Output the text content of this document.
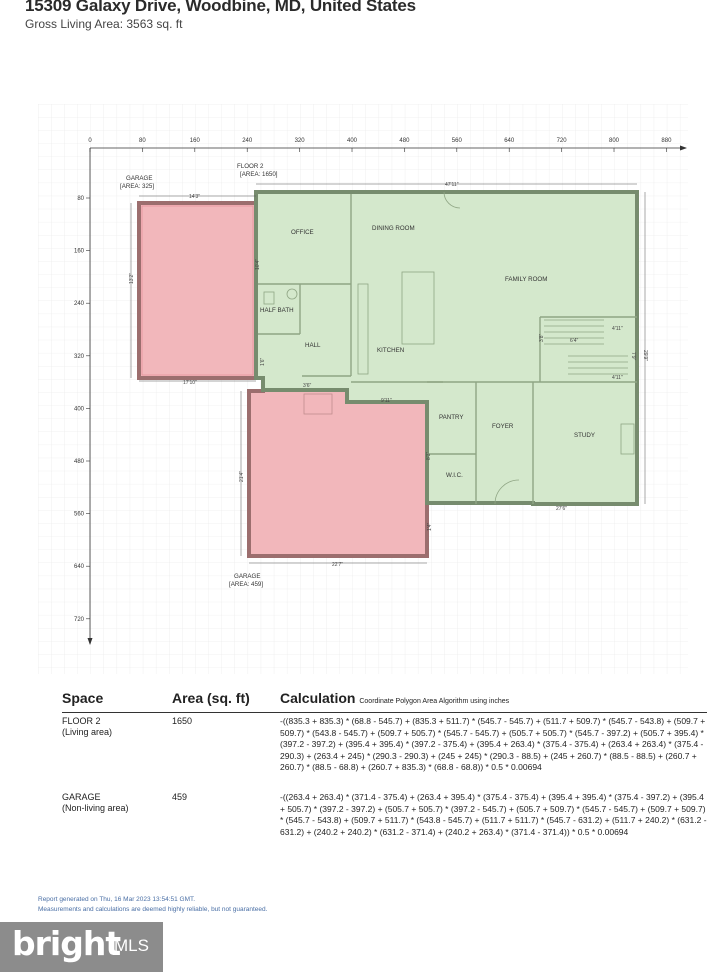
15309 Galaxy Drive, Woodbine, MD, United States
Gross Living Area: 3563 sq. ft
0	80	160	240	320	400	480	560	640	720	800	880
80
160
240
320
400
480
560
640
720
FLOOR 2
[AREA: 1650]
GARAGE
[AREA: 325]
GARAGE
[AREA: 459]
OFFICE
DINING ROOM
FAMILY ROOM
HALF BATH
HALL
KITCHEN
PANTRY
FOYER
STUDY
W.I.C.
47'11"
29'9"
27'6"
14'3"
13'2"
17'10"
21'4"
22'7"
4'11"
4'11"
6'4"
3'8"
7'9"
8'3"
3'6"
1'6"
9'11"
10'4"
1'4"
Space	Area (sq. ft) Calculation Coordinate Polygon Area Algorithm using inches
FLOOR 2
(Living area)
1650	-((835.3 + 835.3) * (68.8 - 545.7) + (835.3 + 511.7) * (545.7 - 545.7) + (511.7 + 509.7) * (545.7 - 543.8) + (509.7 + 509.7) * (543.8 - 545.7) + (509.7 + 505.7) * (545.7 - 545.7) + (505.7 + 505.7) * (545.7 - 397.2) + (505.7 + 395.4) * (397.2 - 397.2) + (395.4 + 395.4) * (397.2 - 375.4) + (395.4 + 263.4) * (375.4 - 375.4) + (263.4 + 263.4) * (375.4 - 290.3) + (263.4 + 245) * (290.3 - 290.3) + (245 + 245) * (290.3 - 88.5) + (245 + 260.7) * (88.5 - 88.5) + (260.7 + 260.7) * (88.5 - 68.8) + (260.7 + 835.3) * (68.8 - 68.8)) * 0.5 * 0.00694
GARAGE
(Non-living area)
459	-((263.4 + 263.4) * (371.4 - 375.4) + (263.4 + 395.4) * (375.4 - 375.4) + (395.4 + 395.4) * (375.4 - 397.2) + (395.4 + 505.7) * (397.2 - 397.2) + (505.7 + 505.7) * (397.2 - 545.7) + (505.7 + 509.7) * (545.7 - 545.7) + (509.7 + 509.7) * (545.7 - 543.8) + (509.7 + 511.7) * (543.8 - 545.7) + (511.7 + 511.7) * (545.7 - 631.2) + (511.7 + 240.2) * (631.2 - 631.2) + (240.2 + 240.2) * (631.2 - 371.4) + (240.2 + 263.4) * (371.4 - 371.4)) * 0.5 * 0.00694
Report generated on Thu, 16 Mar 2023 13:54:51 GMT.
Measurements and calculations are deemed highly reliable, but not guaranteed.
bright
MLS
